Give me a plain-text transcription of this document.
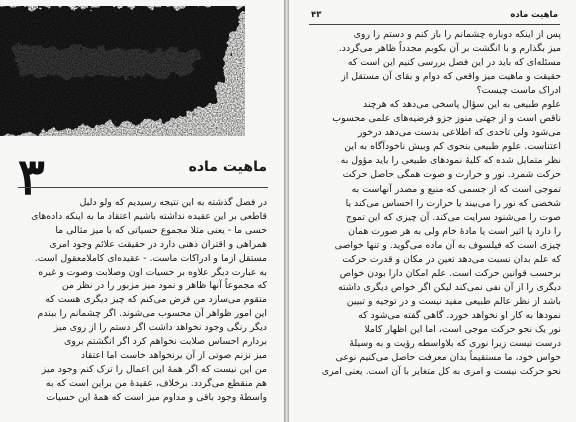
۳	ماهیت ماده

در فصل گذشته به این نتیجه رسیدیم که ولو دلیل

قاطعی بر این عقیده نداشته باشیم اعتقاد ما به اینکه داده‌های

حسی ما - یعنی مثلا مجموع حسیاتی که با میز مثالی ما

همراهی و اقتران ذهنی دارد در حقیقت علائم وجود امری

مستقل ازما و ادراکات ماست. - عقیده‌ای کاملامعقول است.

به عبارت دیگر علاوه بر حسیات اون وصلابت وصوت و غیره

که مجموعاً آنها ظاهر و نمود میز مزبور را در نظر من

متقوم می‌سازد من فرض می‌کنم که چیز دیگری هست که

این امور ظواهر آن محسوب می‌شوند. اگر چشمانم را ببندم

دیگر رنگی وجود نخواهد داشت اگر دستم را از روی میز

بردارم احساس صلابت نخواهم کرد اگر انگشتم بروی

میز نزنم صوتی از آن برنخواهد خاست اما اعتقاد

من این نیست که اگر همهٔ این اعمال را ترک کنم وجود میز

هم منقطع می‌گردد. برخلاف، عقیدهٔ من براین است که به

واسطهٔ وجود باقی و مداوم میز است که همهٔ این حسیات

۴۳	ماهیت ماده

پس از اینکه دوباره چشمانم را باز کنم و دستم را روی

میز بگذارم و با انگشت بر آن بکوبم مجدداً ظاهر می‌گردد.

مسئله‌ای که باید در این فصل بررسی کنیم این است که

حقیقت و ماهیت میز واقعی که دوام و بقای آن مستقل از

ادراک ماست چیست؟

علوم طبیعی به این سؤال پاسخی می‌دهد که هرچند

ناقص است و از جهتی منوز جزو فرضیه‌های علمی محسوب

می‌شود ولی تاحدی که اطلاعی بدست می‌دهد درخور

اعتناست. علوم طبیعی بنحوی کم وبیش ناخودآگاه به این

نظر متمایل شده که کلیهٔ نمودهای طبیعی را باید مؤول به

حرکت شمرد. نور و حرارت و صوت همگی حاصل حرکت

تموجی است که از جسمی که منبع و مصدر آنهاست به

شخصی که نور را می‌بیند یا حرارت را احساس می‌کند یا

صوت را می‌شنود سرایت می‌کند. آن چیزی که این تموج

را دارد یا اثیر است یا مادهٔ خام ولی به هر صورت همان

چیزی است که فیلسوف به آن ماده می‌گوید. و تنها خواصی

که علم بدان نسبت می‌دهد تعین در مکان و قدرت حرکت

برحسب قوانین حرکت است. علم امکان دارا بودن خواص

دیگری را از آن نفی نمی‌کند لیکن اگر خواص دیگری داشته

باشد از نظر عالم طبیعی مفید نیست و در توجیه و تبیین

نمودها به کار او نخواهد خورد. گاهی گفته می‌شود که

نور یک نحو حرکت موجی است، اما این اظهار کاملا

درست نیست زیرا نوری که بلاواسطه رؤیت و به وسیلهٔ

حواس خود، ما مستقیماً بدان معرفت حاصل می‌کنیم نوعی

نحو حرکت نیست و امری به کل متغایر با آن است. یعنی امری
